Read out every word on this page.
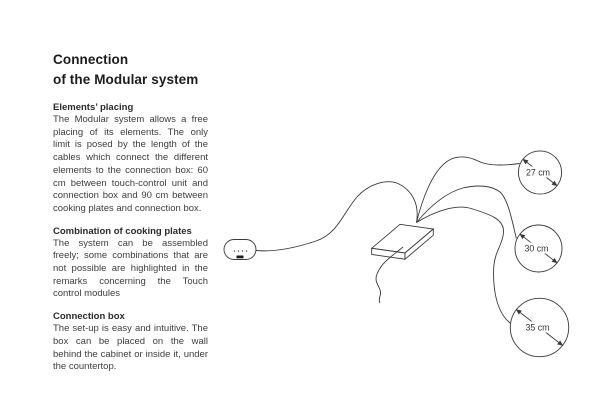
Connection
of the Modular system
Elements’ placing

The Modular system allows a free placing of its elements. The only limit is posed by the length of the cables which connect the different elements to the connection box: 60 cm between touch-control unit and connection box and 90 cm between cooking plates and connection box.

Combination of cooking plates

The system can be assembled freely; some combinations that are not possible are highlighted in the remarks concerning the Touch control modules

Connection box

The set-up is easy and intuitive. The box can be placed on the wall behind the cabinet or inside it, under the countertop.

27 cm
30 cm
35 cm
